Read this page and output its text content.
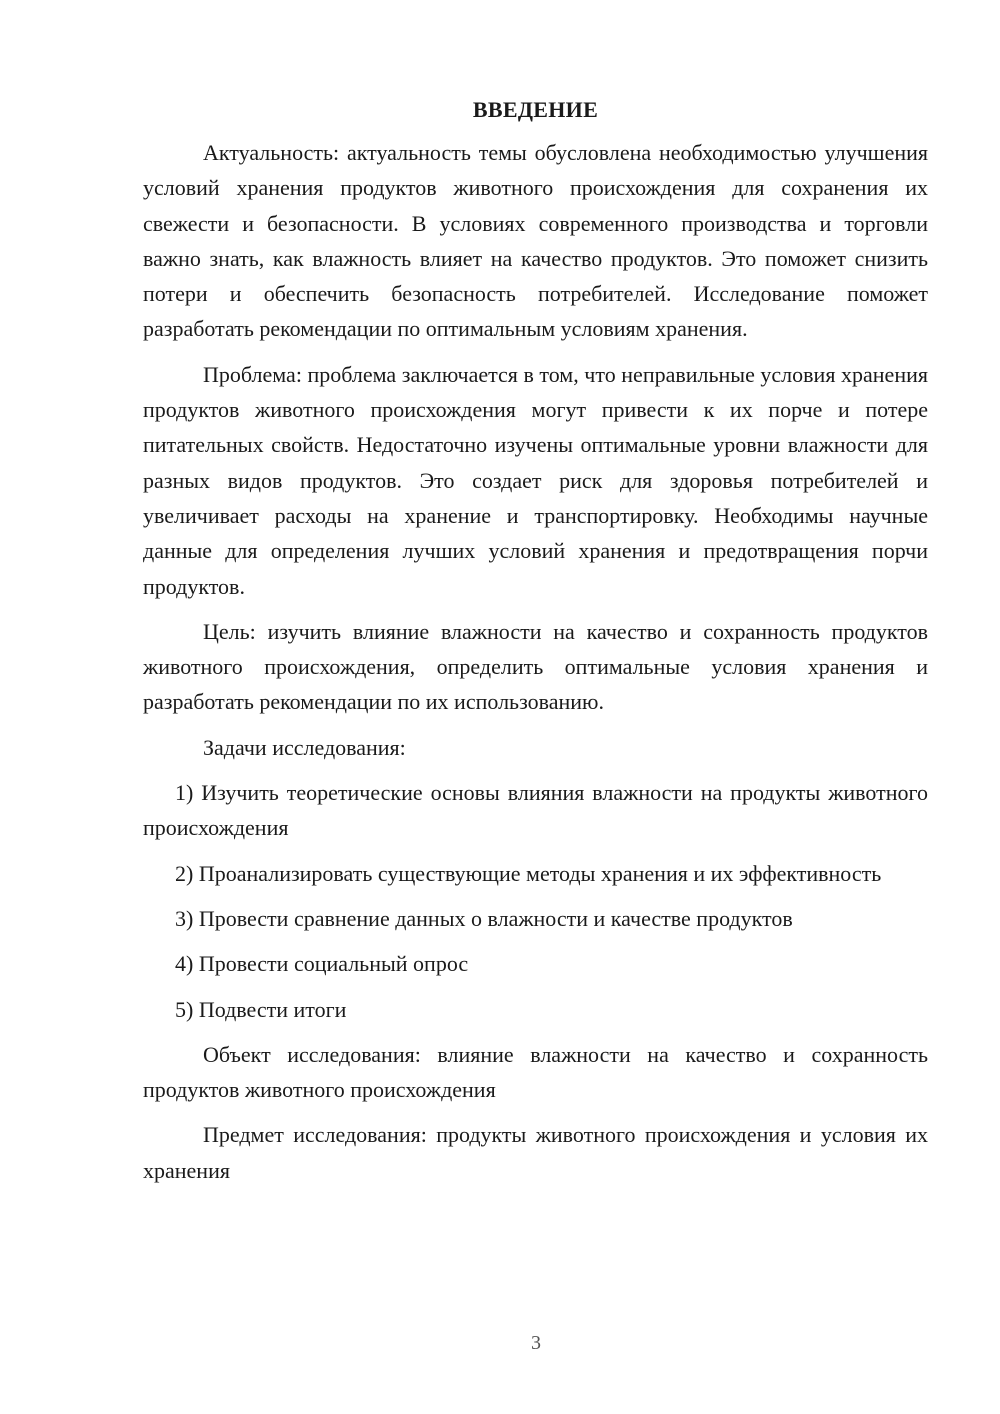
ВВЕДЕНИЕ

Актуальность: актуальность темы обусловлена необходимостью улучшения условий хранения продуктов животного происхождения для сохранения их свежести и безопасности. В условиях современного производства и торговли важно знать, как влажность влияет на качество продуктов. Это поможет снизить потери и обеспечить безопасность потребителей. Исследование поможет разработать рекомендации по оптимальным условиям хранения.

Проблема: проблема заключается в том, что неправильные условия хранения продуктов животного происхождения могут привести к их порче и потере питательных свойств. Недостаточно изучены оптимальные уровни влажности для разных видов продуктов. Это создает риск для здоровья потребителей и увеличивает расходы на хранение и транспортировку. Необходимы научные данные для определения лучших условий хранения и предотвращения порчи продуктов.

Цель: изучить влияние влажности на качество и сохранность продуктов животного происхождения, определить оптимальные условия хранения и разработать рекомендации по их использованию.

Задачи исследования:

1) Изучить теоретические основы влияния влажности на продукты животного происхождения

2) Проанализировать существующие методы хранения и их эффективность

3) Провести сравнение данных о влажности и качестве продуктов

4) Провести социальный опрос

5) Подвести итоги

Объект исследования: влияние влажности на качество и сохранность продуктов животного происхождения

Предмет исследования: продукты животного происхождения и условия их хранения

3
